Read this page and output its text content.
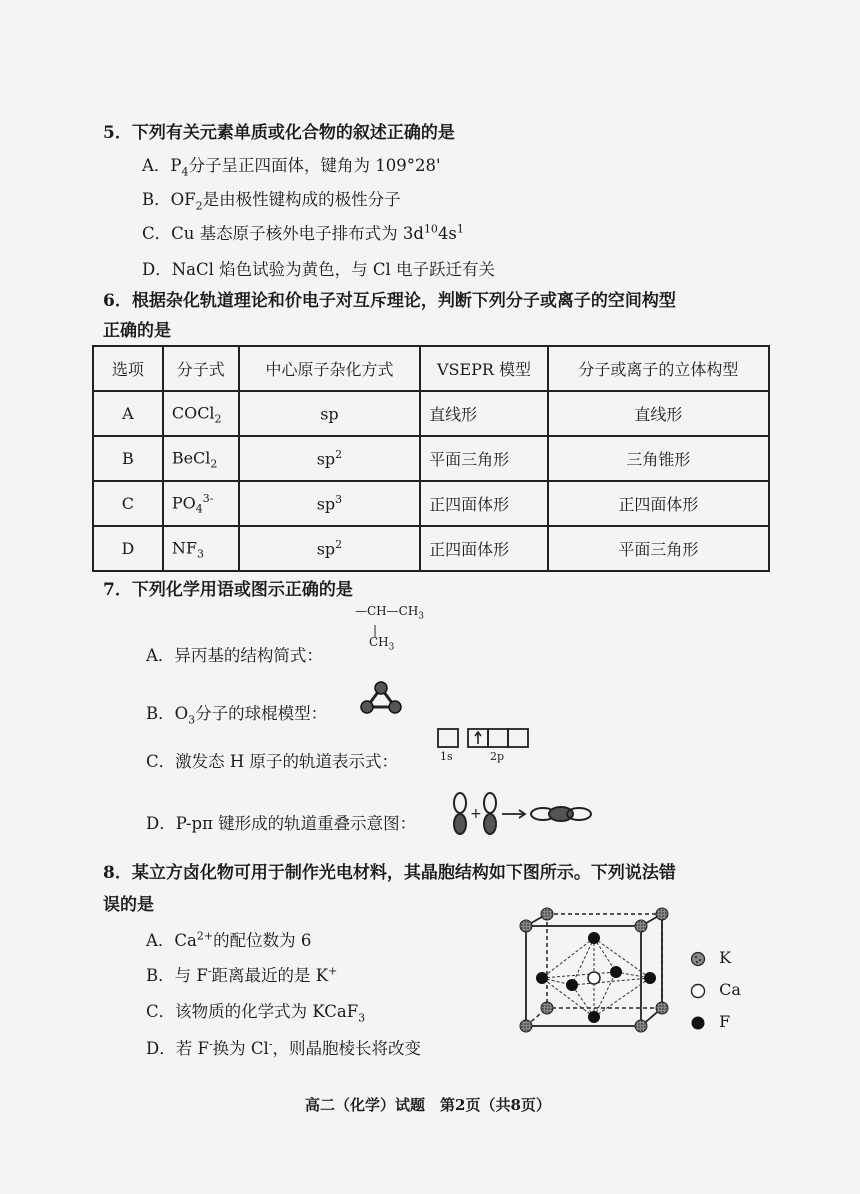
5．下列有关元素单质或化合物的叙述正确的是
A．$P_4$分子呈正四面体，键角为 109°28'
B．$OF_2$是由极性键构成的极性分子
C．Cu 基态原子核外电子排布式为 $3d^{10}4s^1$
D．NaCl 焰色试验为黄色，与 Cl 电子跃迁有关
6．根据杂化轨道理论和价电子对互斥理论，判断下列分子或离子的空间构型
正确的是
选项	分子式	中心原子杂化方式	VSEPR 模型	分子或离子的立体构型
A	COCl$_2$	sp	直线形	直线形
B	BeCl$_2$	$sp^2$	平面三角形	三角锥形
C	$PO_4^{3-}$	$sp^3$	正四面体形	正四面体形
D	$NF_3$	$sp^2$	正四面体形	平面三角形
7．下列化学用语或图示正确的是
$—CH—CH_3$
|
$CH_3$
A．异丙基的结构简式：
B．$O_3$分子的球棍模型：
C．激发态 H 原子的轨道表示式：	1s	2p
D．P-pπ 键形成的轨道重叠示意图：	+
8．某立方卤化物可用于制作光电材料，其晶胞结构如下图所示。下列说法错
误的是
A．$Ca^{2+}$的配位数为 6
B．与 F-距离最近的是 K+
C．该物质的化学式为 KCaF$_3$
D．若 F-换为 Cl-，则晶胞棱长将改变
K
Ca
F
高二（化学）试题　第2页（共8页）
